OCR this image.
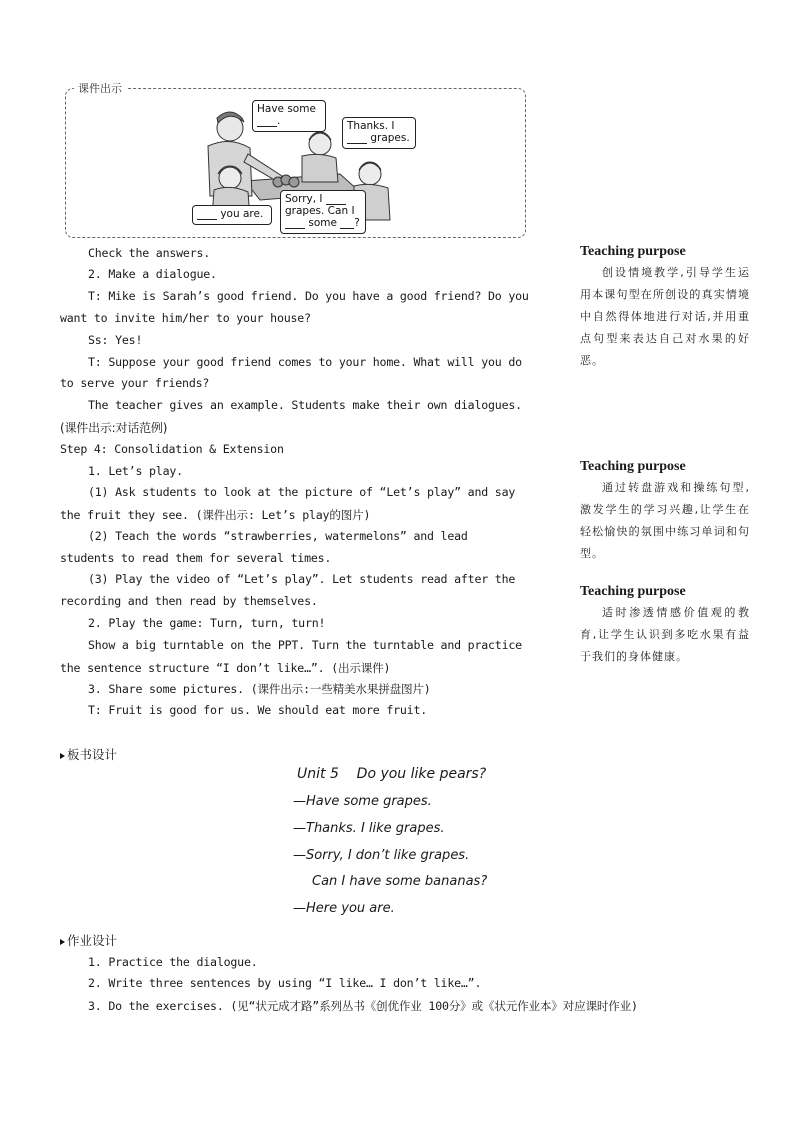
课件出示
Have some
.	Thanks. I
grapes.
Sorry, I
grapes. Can I
some ?
you are.
Check the answers.
2. Make a dialogue.
T: Mike is Sarah’s good friend. Do you have a good friend? Do you
want to invite him/her to your house?
Ss: Yes!
T: Suppose your good friend comes to your home. What will you do
to serve your friends?
The teacher gives an example. Students make their own dialogues.
(课件出示:对话范例)
Step 4: Consolidation & Extension
1. Let’s play.
(1) Ask students to look at the picture of “Let’s play” and say
the fruit they see. (课件出示: Let’s play的图片)
(2) Teach the words “strawberries, watermelons” and lead
students to read them for several times.
(3) Play the video of “Let’s play”. Let students read after the
recording and then read by themselves.
2. Play the game: Turn, turn, turn!
Show a big turntable on the PPT. Turn the turntable and practice
the sentence structure “I don’t like…”. (出示课件)
3. Share some pictures. (课件出示:一些精美水果拼盘图片)
T: Fruit is good for us. We should eat more fruit.
Teaching purpose
创设情境教学,引导学生运用本课句型在所创设的真实情境中自然得体地进行对话,并用重点句型来表达自己对水果的好恶。
Teaching purpose
通过转盘游戏和操练句型,激发学生的学习兴趣,让学生在轻松愉快的氛围中练习单词和句型。
Teaching purpose
适时渗透情感价值观的教育,让学生认识到多吃水果有益于我们的身体健康。
板书设计
Unit 5    Do you like pears?
—Have some grapes.
—Thanks. I like grapes.
—Sorry, I don’t like grapes.
Can I have some bananas?
—Here you are.
作业设计
1. Practice the dialogue.
2. Write three sentences by using “I like… I don’t like…”.
3. Do the exercises. (见“状元成才路”系列丛书《创优作业 100分》或《状元作业本》对应课时作业)
